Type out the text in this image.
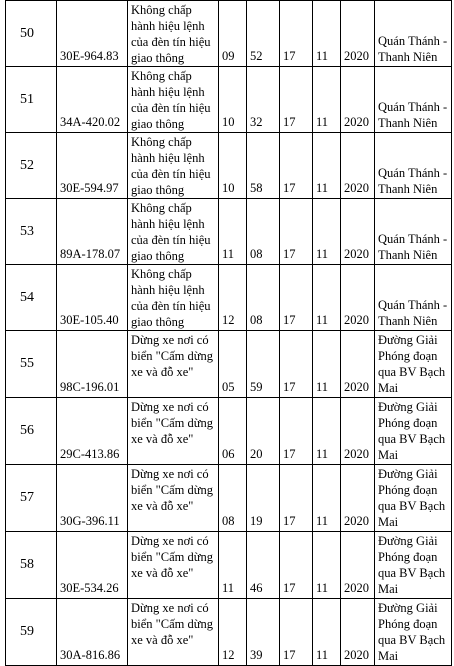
50	30E-964.83	Không chấp hành hiệu lệnh của đèn tín hiệu giao thông	09	52	17	11	2020	Quán Thánh - Thanh Niên
51	34A-420.02	Không chấp hành hiệu lệnh của đèn tín hiệu giao thông	10	32	17	11	2020	Quán Thánh - Thanh Niên
52	30E-594.97	Không chấp hành hiệu lệnh của đèn tín hiệu giao thông	10	58	17	11	2020	Quán Thánh - Thanh Niên
53	89A-178.07	Không chấp hành hiệu lệnh của đèn tín hiệu giao thông	11	08	17	11	2020	Quán Thánh - Thanh Niên
54	30E-105.40	Không chấp hành hiệu lệnh của đèn tín hiệu giao thông	12	08	17	11	2020	Quán Thánh - Thanh Niên
55	98C-196.01	Dừng xe nơi có biển "Cấm dừng xe và đỗ xe"	05	59	17	11	2020	Đường Giải Phóng đoạn qua BV Bạch Mai
56	29C-413.86	Dừng xe nơi có biển "Cấm dừng xe và đỗ xe"	06	20	17	11	2020	Đường Giải Phóng đoạn qua BV Bạch Mai
57	30G-396.11	Dừng xe nơi có biển "Cấm dừng xe và đỗ xe"	08	19	17	11	2020	Đường Giải Phóng đoạn qua BV Bạch Mai
58	30E-534.26	Dừng xe nơi có biển "Cấm dừng xe và đỗ xe"	11	46	17	11	2020	Đường Giải Phóng đoạn qua BV Bạch Mai
59	30A-816.86	Dừng xe nơi có biển "Cấm dừng xe và đỗ xe"	12	39	17	11	2020	Đường Giải Phóng đoạn qua BV Bạch Mai
